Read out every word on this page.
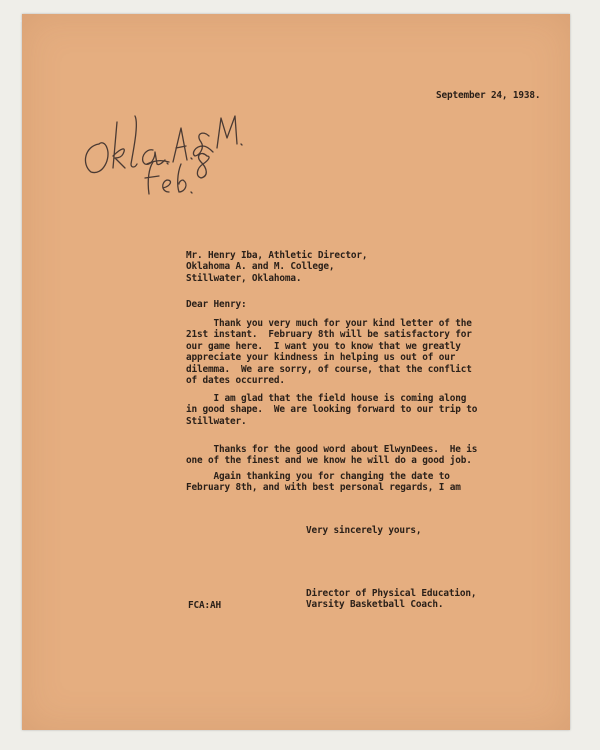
September 24, 1938.
Mr. Henry Iba, Athletic Director,
Oklahoma A. and M. College,
Stillwater, Oklahoma.
Dear Henry:
Thank you very much for your kind letter of the
21st instant.  February 8th will be satisfactory for
our game here.  I want you to know that we greatly
appreciate your kindness in helping us out of our
dilemma.  We are sorry, of course, that the conflict
of dates occurred.
I am glad that the field house is coming along
in good shape.  We are looking forward to our trip to
Stillwater.
Thanks for the good word about ElwynDees.  He is
one of the finest and we know he will do a good job.
Again thanking you for changing the date to
February 8th, and with best personal regards, I am
Very sincerely yours,
FCA:AH
Director of Physical Education,
Varsity Basketball Coach.
